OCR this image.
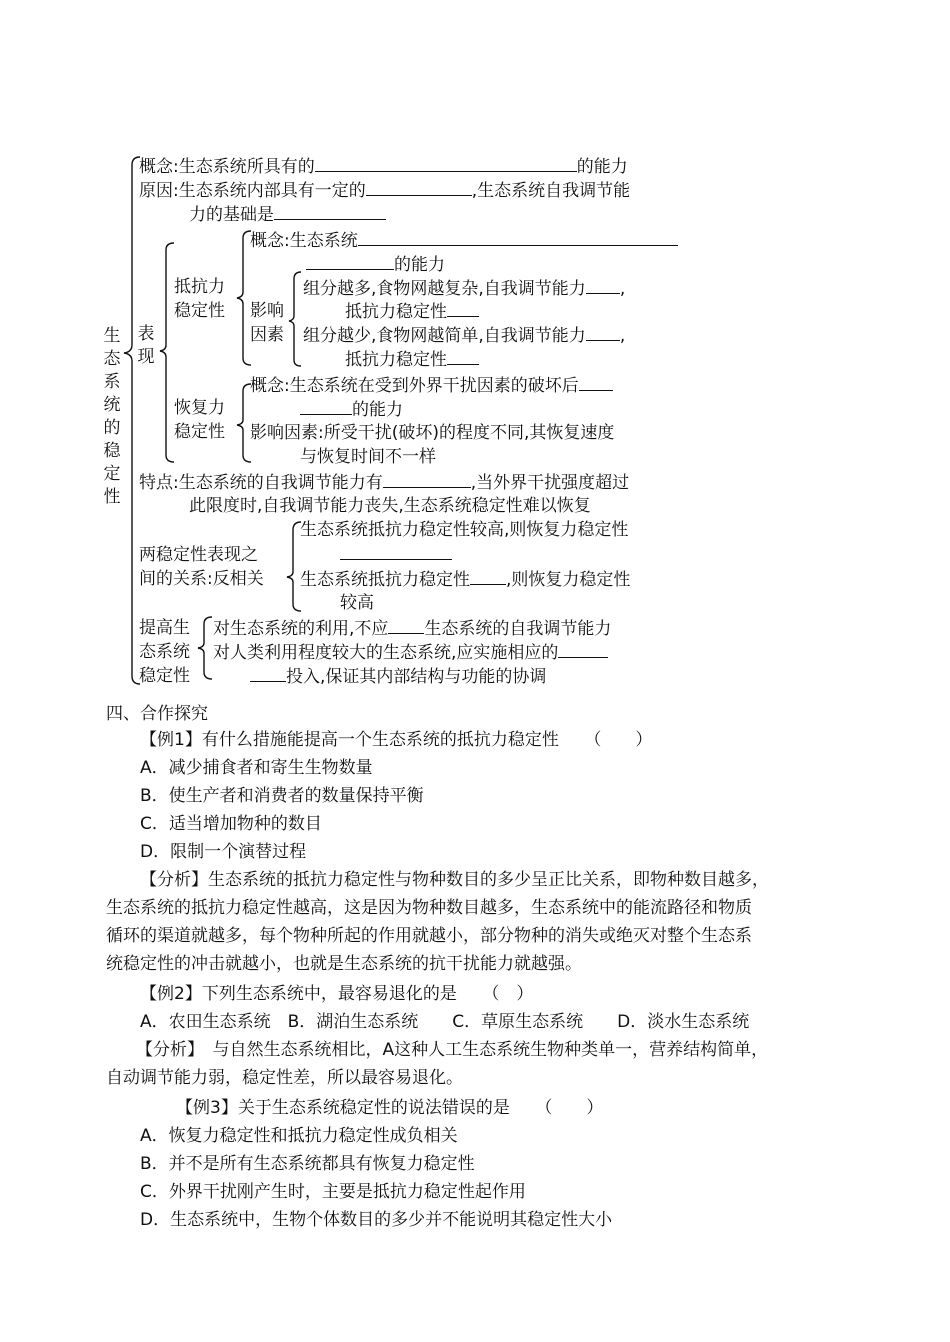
生态系统的稳定性
概念:生态系统所具有的	的能力
原因:生态系统内部具有一定的	,生态系统自我调节能
力的基础是
表现
抵抗力
稳定性
概念:生态系统
的能力
影响
因素
组分越多,食物网越复杂,自我调节能力 ,
抵抗力稳定性
组分越少,食物网越简单,自我调节能力 ,
抵抗力稳定性
恢复力
稳定性
概念:生态系统在受到外界干扰因素的破坏后
的能力
影响因素:所受干扰(破坏)的程度不同,其恢复速度
与恢复时间不一样
特点:生态系统的自我调节能力有	,当外界干扰强度超过
此限度时,自我调节能力丧失,生态系统稳定性难以恢复
两稳定性表现之
间的关系:反相关
生态系统抵抗力稳定性较高,则恢复力稳定性
生态系统抵抗力稳定性 ,则恢复力稳定性
较高
提高生
态系统
稳定性
对生态系统的利用,不应 生态系统的自我调节能力
对人类利用程度较大的生态系统,应实施相应的
投入,保证其内部结构与功能的协调
四、合作探究
【例1】有什么措施能提高一个生态系统的抵抗力稳定性　　（　　）
A．减少捕食者和寄生生物数量
B．使生产者和消费者的数量保持平衡
C．适当增加物种的数目
D．限制一个演替过程
【分析】生态系统的抵抗力稳定性与物种数目的多少呈正比关系，即物种数目越多，
生态系统的抵抗力稳定性越高，这是因为物种数目越多，生态系统中的能流路径和物质
循环的渠道就越多，每个物种所起的作用就越小，部分物种的消失或绝灭对整个生态系
统稳定性的冲击就越小，也就是生态系统的抗干扰能力就越强。
【例2】下列生态系统中，最容易退化的是　　（　）
A．农田生态系统　B．湖泊生态系统　　C．草原生态系统　　D．淡水生态系统
【分析】　与自然生态系统相比，A这种人工生态系统生物种类单一，营养结构简单，
自动调节能力弱，稳定性差，所以最容易退化。
【例3】关于生态系统稳定性的说法错误的是　　（　　）
A．恢复力稳定性和抵抗力稳定性成负相关
B．并不是所有生态系统都具有恢复力稳定性
C．外界干扰刚产生时，主要是抵抗力稳定性起作用
D．生态系统中，生物个体数目的多少并不能说明其稳定性大小
